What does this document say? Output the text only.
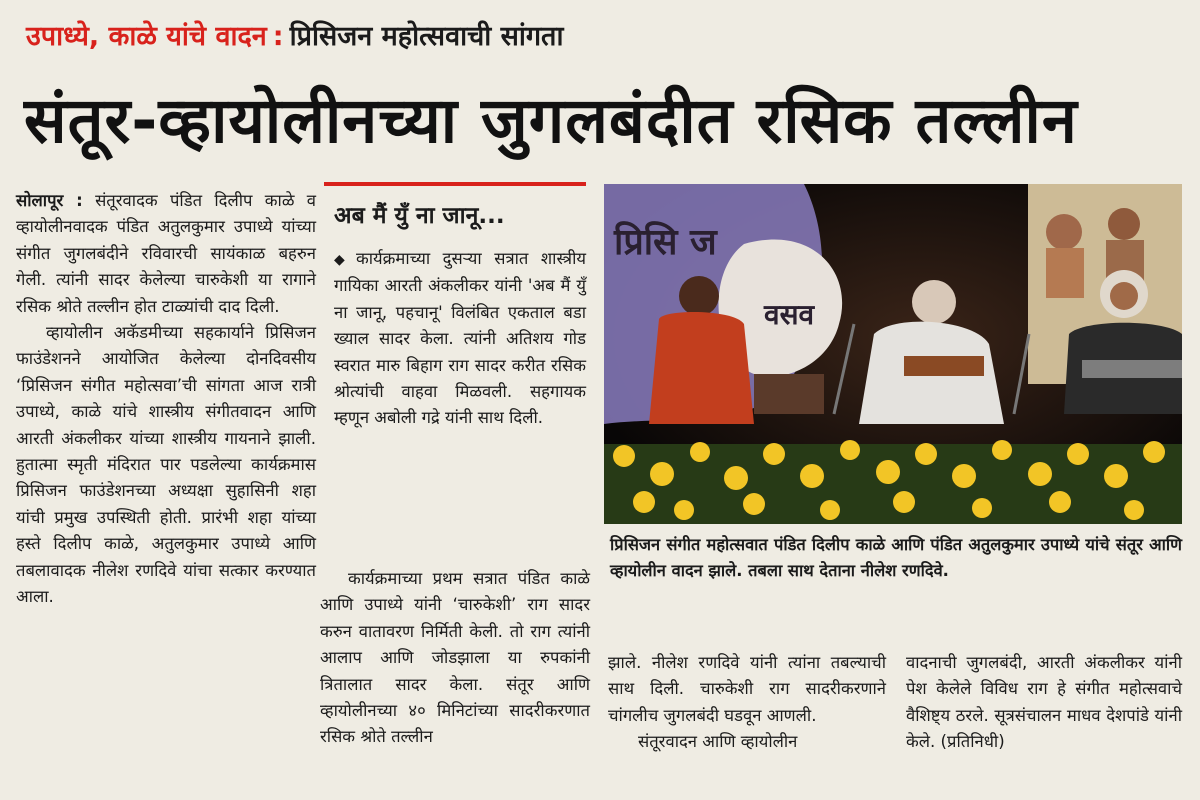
उपाध्ये, काळे यांचे वादन : प्रिसिजन महोत्सवाची सांगता
संतूर-व्हायोलीनच्या जुगलबंदीत रसिक तल्लीन

सोलापूर : संतूरवादक पंडित दिलीप काळे व व्हायोलीनवादक पंडित अतुलकुमार उपाध्ये यांच्या संगीत जुगलबंदीने रविवारची सायंकाळ बहरुन गेली. त्यांनी सादर केलेल्या चारुकेशी या रागाने रसिक श्रोते तल्लीन होत टाळ्यांची दाद दिली.

व्हायोलीन अकॅडमीच्या सहकार्याने प्रिसिजन फाउंडेशनने आयोजित केलेल्या दोनदिवसीय ‘प्रिसिजन संगीत महोत्सवा’ची सांगता आज रात्री उपाध्ये, काळे यांचे शास्त्रीय संगीतवादन आणि आरती अंकलीकर यांच्या शास्त्रीय गायनाने झाली. हुतात्मा स्मृती मंदिरात पार पडलेल्या कार्यक्रमास प्रिसिजन फाउंडेशनच्या अध्यक्षा सुहासिनी शहा यांची प्रमुख उपस्थिती होती. प्रारंभी शहा यांच्या हस्ते दिलीप काळे, अतुलकुमार उपाध्ये आणि तबलावादक नीलेश रणदिवे यांचा सत्कार करण्यात आला.

अब मैं युँ ना जानू...

◆ कार्यक्रमाच्या दुसऱ्या सत्रात शास्त्रीय गायिका आरती अंकलीकर यांनी 'अब मैं युँ ना जानू, पहचानू' विलंबित एकताल बडा ख्याल सादर केला. त्यांनी अतिशय गोड स्वरात मारु बिहाग राग सादर करीत रसिक श्रोत्यांची वाहवा मिळवली. सहगायक म्हणून अबोली गद्रे यांनी साथ दिली.

कार्यक्रमाच्या प्रथम सत्रात पंडित काळे आणि उपाध्ये यांनी ‘चारुकेशी’ राग सादर करुन वातावरण निर्मिती केली. तो राग त्यांनी आलाप आणि जोडझाला या रुपकांनी त्रितालात सादर केला. संतूर आणि व्हायोलीनच्या ४० मिनिटांच्या सादरीकरणात रसिक श्रोते तल्लीन

प्रिसि ज
वसव
प्रिसिजन संगीत महोत्सवात पंडित दिलीप काळे आणि पंडित अतुलकुमार उपाध्ये यांचे संतूर आणि व्हायोलीन वादन झाले. तबला साथ देताना नीलेश रणदिवे.

झाले. नीलेश रणदिवे यांनी त्यांना तबल्याची साथ दिली. चारुकेशी राग सादरीकरणाने चांगलीच जुगलबंदी घडवून आणली.

संतूरवादन आणि व्हायोलीन

वादनाची जुगलबंदी, आरती अंकलीकर यांनी पेश केलेले विविध राग हे संगीत महोत्सवाचे वैशिष्ट्य ठरले. सूत्रसंचालन माधव देशपांडे यांनी केले. (प्रतिनिधी)
